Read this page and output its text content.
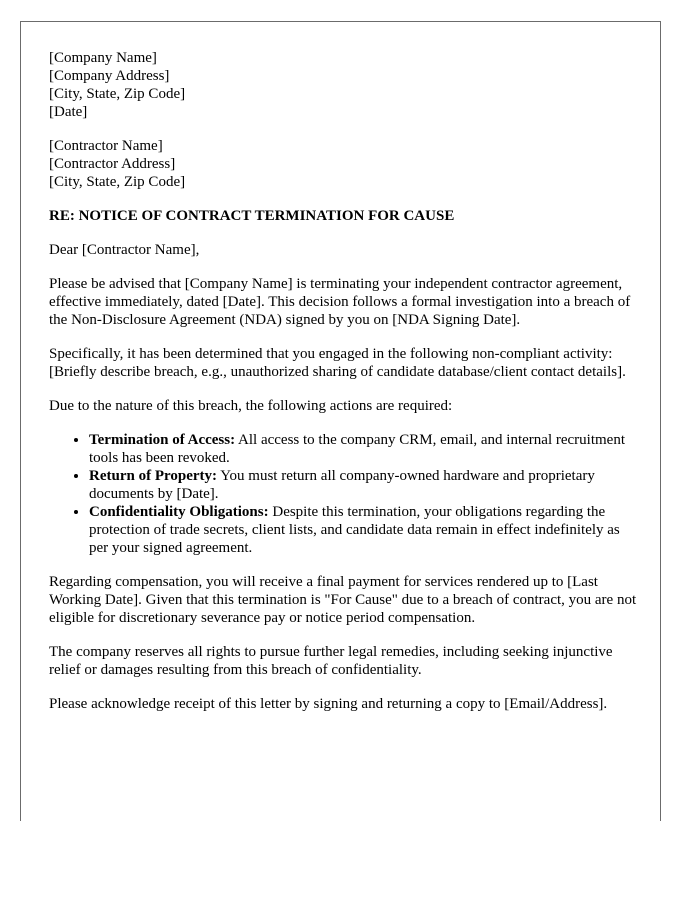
[Company Name]
[Company Address]
[City, State, Zip Code]
[Date]
[Contractor Name]
[Contractor Address]
[City, State, Zip Code]
RE: NOTICE OF CONTRACT TERMINATION FOR CAUSE

Dear [Contractor Name],

Please be advised that [Company Name] is terminating your independent contractor agreement, effective immediately, dated [Date]. This decision follows a formal investigation into a breach of the Non-Disclosure Agreement (NDA) signed by you on [NDA Signing Date].

Specifically, it has been determined that you engaged in the following non-compliant activity: [Briefly describe breach, e.g., unauthorized sharing of candidate database/client contact details].

Due to the nature of this breach, the following actions are required:

• Termination of Access: All access to the company CRM, email, and internal recruitment tools has been revoked.
• Return of Property: You must return all company-owned hardware and proprietary documents by [Date].
• Confidentiality Obligations: Despite this termination, your obligations regarding the protection of trade secrets, client lists, and candidate data remain in effect indefinitely as per your signed agreement.

Regarding compensation, you will receive a final payment for services rendered up to [Last Working Date]. Given that this termination is "For Cause" due to a breach of contract, you are not eligible for discretionary severance pay or notice period compensation.

The company reserves all rights to pursue further legal remedies, including seeking injunctive relief or damages resulting from this breach of confidentiality.

Please acknowledge receipt of this letter by signing and returning a copy to [Email/Address].
